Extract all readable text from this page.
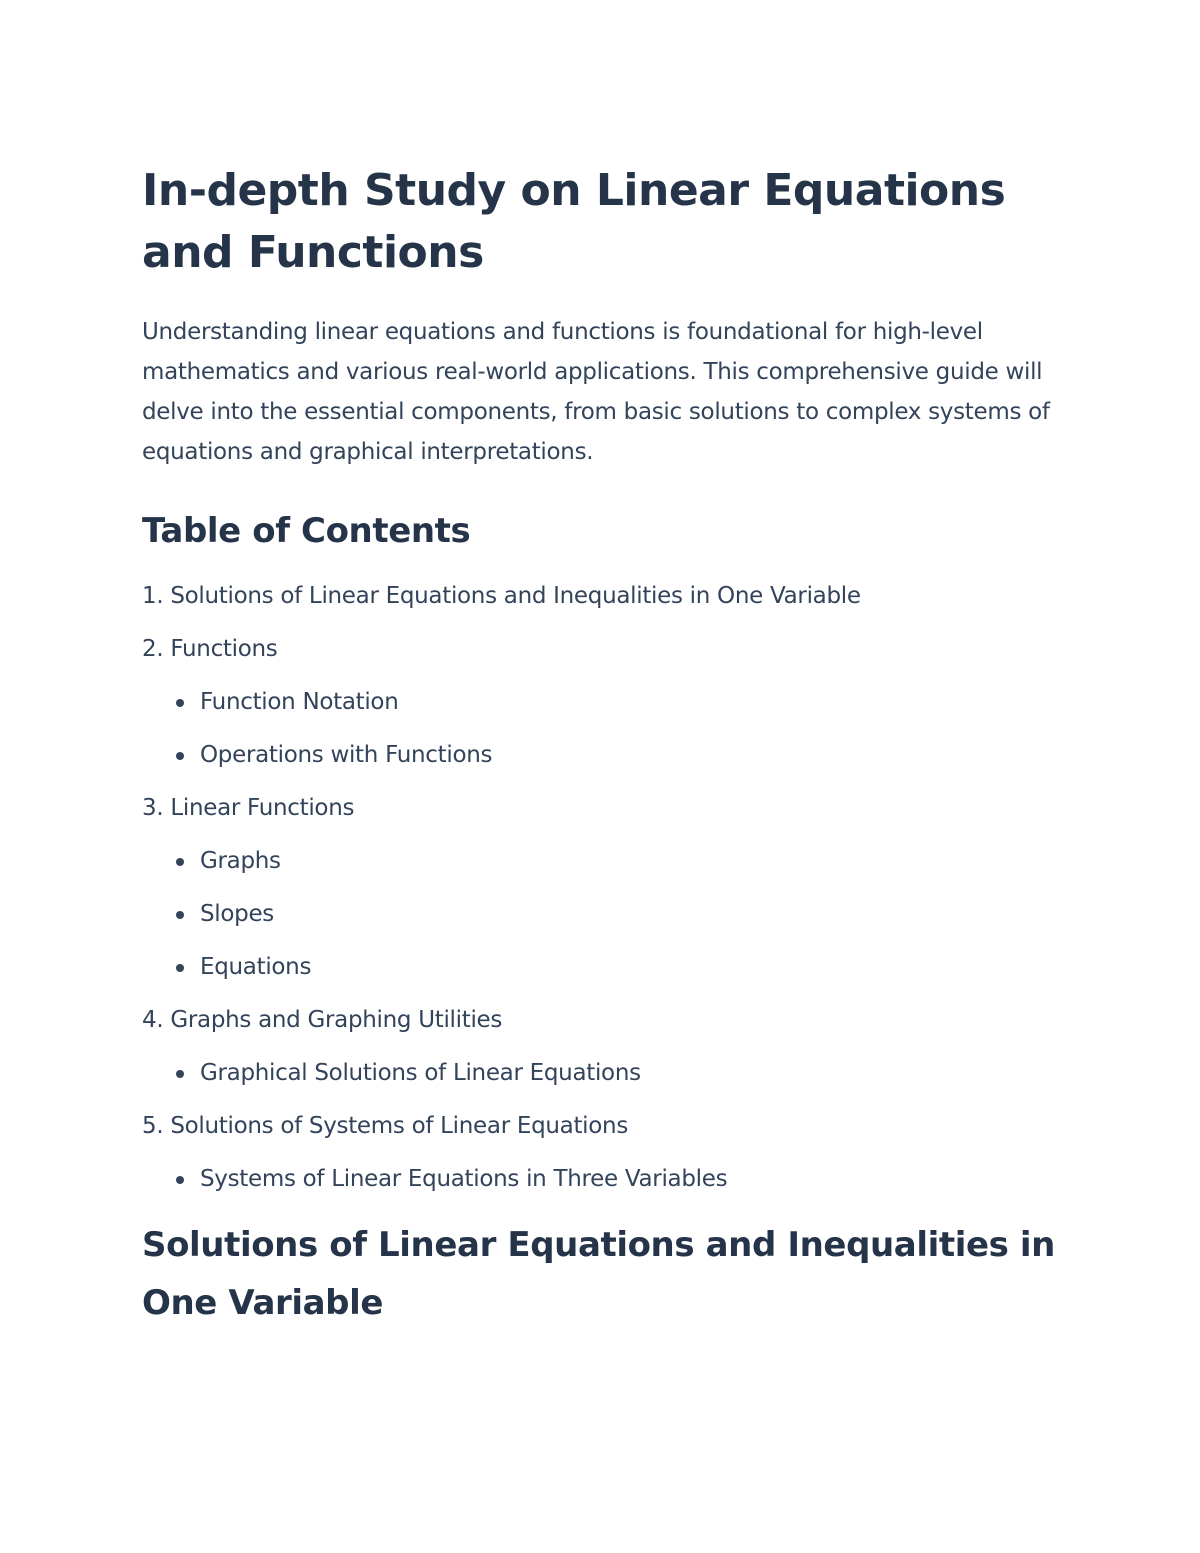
In-depth Study on Linear Equations and Functions

Understanding linear equations and functions is foundational for high-level mathematics and various real-world applications. This comprehensive guide will delve into the essential components, from basic solutions to complex systems of equations and graphical interpretations.

Table of Contents
1. Solutions of Linear Equations and Inequalities in One Variable
2. Functions
Function Notation
Operations with Functions
3. Linear Functions
Graphs
Slopes
Equations
4. Graphs and Graphing Utilities
Graphical Solutions of Linear Equations
5. Solutions of Systems of Linear Equations
Systems of Linear Equations in Three Variables
Solutions of Linear Equations and Inequalities in One Variable
